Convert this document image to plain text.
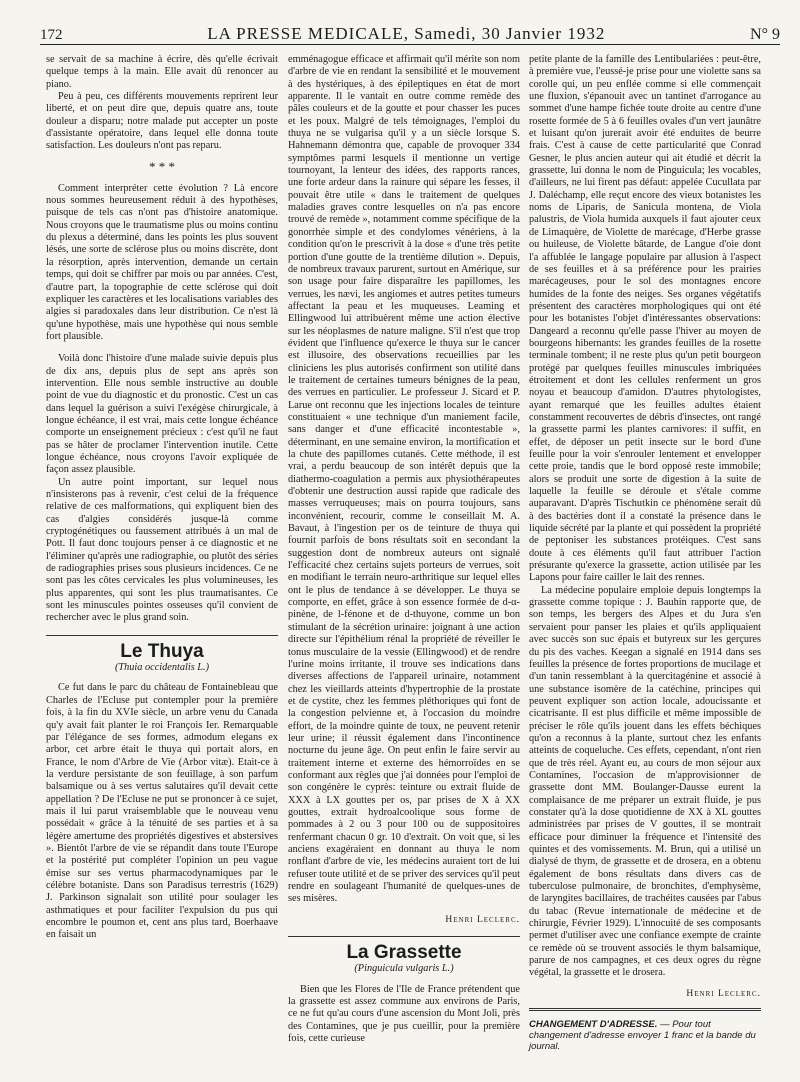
172	LA PRESSE MEDICALE, Samedi, 30 Janvier 1932	N° 9

se servait de sa machine à écrire, dès qu'elle écrivait quelque temps à la main. Elle avait dû renoncer au piano.

Peu à peu, ces différents mouvements reprirent leur liberté, et on peut dire que, depuis quatre ans, toute douleur a disparu; notre malade put accepter un poste d'assistante opératoire, dans lequel elle donna toute satisfaction. Les douleurs n'ont pas reparu.

* * *

Comment interpréter cette évolution ? Là encore nous sommes heureusement réduit à des hypothèses, puisque de tels cas n'ont pas d'histoire anatomique. Nous croyons que le traumatisme plus ou moins continu du plexus a déterminé, dans les points les plus souvent lésés, une sorte de sclérose plus ou moins discrète, dont la résorption, après intervention, demande un certain temps, qui doit se chiffrer par mois ou par années. C'est, d'autre part, la topographie de cette sclérose qui doit expliquer les caractères et les localisations variables des algies si paradoxales dans leur distribution. Ce n'est là qu'une hypothèse, mais une hypothèse qui nous semble fort plausible.

Voilà donc l'histoire d'une malade suivie depuis plus de dix ans, depuis plus de sept ans après son intervention. Elle nous semble instructive au double point de vue du diagnostic et du pronostic. C'est un cas dans lequel la guérison a suivi l'exégèse chirurgicale, à longue échéance, il est vrai, mais cette longue échéance comporte un enseignement précieux : c'est qu'il ne faut pas se hâter de proclamer l'intervention inutile. Cette longue échéance, nous croyons l'avoir expliquée de façon assez plausible.

Un autre point important, sur lequel nous n'insisterons pas à revenir, c'est celui de la fréquence relative de ces malformations, qui expliquent bien des cas d'algies considérés jusque-là comme cryptogénétiques ou faussement attribués à un mal de Pott. Il faut donc toujours penser à ce diagnostic et ne l'éliminer qu'après une radiographie, ou plutôt des séries de radiographies prises sous plusieurs incidences. Ce ne sont pas les côtes cervicales les plus volumineuses, les plus apparentes, qui sont les plus traumatisantes. Ce sont les minuscules pointes osseuses qu'il convient de rechercher avec le plus grand soin.

Le Thuya
(Thuia occidentalis L.)

Ce fut dans le parc du château de Fontainebleau que Charles de l'Ecluse put contempler pour la première fois, à la fin du XVIe siècle, un arbre venu du Canada qu'y avait fait planter le roi François Ier. Remarquable par l'élégance de ses formes, admodum elegans ex arbor, cet arbre était le thuya qui portait alors, en France, le nom d'Arbre de Vie (Arbor vitæ). Etait-ce à la verdure persistante de son feuillage, à son parfum balsamique ou à ses vertus salutaires qu'il devait cette appellation ? De l'Ecluse ne put se prononcer à ce sujet, mais il lui parut vraisemblable que le nouveau venu possédait « grâce à la ténuité de ses parties et à sa légère amertume des propriétés digestives et abstersives ». Bientôt l'arbre de vie se répandit dans toute l'Europe et la postérité put compléter l'opinion un peu vague émise sur ses vertus pharmacodynamiques par le célèbre botaniste. Dans son Paradisus terrestris (1629) J. Parkinson signalait son utilité pour soulager les asthmatiques et pour faciliter l'expulsion du pus qui encombre le poumon et, cent ans plus tard, Boerhaave en faisait un

emménagogue efficace et affirmait qu'il mérite son nom d'arbre de vie en rendant la sensibilité et le mouvement à des hystériques, à des épileptiques en état de mort apparente. Il le vantait en outre comme remède des pâles couleurs et de la goutte et pour chasser les puces et les poux. Malgré de tels témoignages, l'emploi du thuya ne se vulgarisa qu'il y a un siècle lorsque S. Hahnemann démontra que, capable de provoquer 334 symptômes parmi lesquels il mentionne un vertige tournoyant, la lenteur des idées, des rapports rances, une forte ardeur dans la rainure qui sépare les fesses, il pouvait être utile « dans le traitement de quelques maladies graves contre lesquelles on n'a pas encore trouvé de remède », notamment comme spécifique de la gonorrhée simple et des condylomes vénériens, à la condition qu'on le prescrivît à la dose « d'une très petite portion d'une goutte de la trentième dilution ». Depuis, de nombreux travaux parurent, surtout en Amérique, sur son usage pour faire disparaître les papillomes, les verrues, les nævi, les angiomes et autres petites tumeurs affectant la peau et les muqueuses. Leaming et Ellingwood lui attribuèrent même une action élective sur les néoplasmes de nature maligne. S'il n'est que trop évident que l'influence qu'exerce le thuya sur le cancer est illusoire, des observations recueillies par les cliniciens les plus autorisés confirment son utilité dans le traitement de certaines tumeurs bénignes de la peau, des verrues en particulier. Le professeur J. Sicard et P. Larue ont reconnu que les injections locales de teinture constituaient « une technique d'un maniement facile, sans danger et d'une efficacité incontestable », déterminant, en une semaine environ, la mortification et la chute des papillomes cutanés. Cette méthode, il est vrai, a perdu beaucoup de son intérêt depuis que la diathermo-coagulation a permis aux physiothérapeutes d'obtenir une destruction aussi rapide que radicale des masses verruqueuses; mais on pourra toujours, sans inconvénient, recourir, comme le conseillait M. A. Bavaut, à l'ingestion per os de teinture de thuya qui fournit parfois de bons résultats soit en secondant la suggestion dont de nombreux auteurs ont signalé l'efficacité chez certains sujets porteurs de verrues, soit en modifiant le terrain neuro-arthritique sur lequel elles ont le plus de tendance à se développer. Le thuya se comporte, en effet, grâce à son essence formée de d-α-pinène, de l-fénone et de d-thuyone, comme un bon stimulant de la sécrétion urinaire: joignant à une action directe sur l'épithélium rénal la propriété de réveiller le tonus musculaire de la vessie (Ellingwood) et de rendre l'urine moins irritante, il trouve ses indications dans diverses affections de l'appareil urinaire, notamment chez les vieillards atteints d'hypertrophie de la prostate et de cystite, chez les femmes pléthoriques qui font de la congestion pelvienne et, à l'occasion du moindre effort, de la moindre quinte de toux, ne peuvent retenir leur urine; il réussit également dans l'incontinence nocturne du jeune âge. On peut enfin le faire servir au traitement interne et externe des hémorroïdes en se conformant aux règles que j'ai données pour l'emploi de son congénère le cyprès: teinture ou extrait fluide de XXX à LX gouttes per os, par prises de X à XX gouttes, extrait hydroalcoolique sous forme de pommades à 2 ou 3 pour 100 ou de suppositoires renfermant chacun 0 gr. 10 d'extrait. On voit que, si les anciens exagéraient en donnant au thuya le nom ronflant d'arbre de vie, les médecins auraient tort de lui refuser toute utilité et de se priver des services qu'il peut rendre en soulageant l'humanité de quelques-unes de ses misères.

Henri Leclerc.
La Grassette
(Pinguicula vulgaris L.)

Bien que les Flores de l'Ile de France prétendent que la grassette est assez commune aux environs de Paris, ce ne fut qu'au cours d'une ascension du Mont Joli, près des Contamines, que je pus cueillir, pour la première fois, cette curieuse

petite plante de la famille des Lentibulariées : peut-être, à première vue, l'eussé-je prise pour une violette sans sa corolle qui, un peu enflée comme si elle commençait une fluxion, s'épanouit avec un tantinet d'arrogance au sommet d'une hampe fichée toute droite au centre d'une rosette formée de 5 à 6 feuilles ovales d'un vert jaunâtre et luisant qu'on jurerait avoir été enduites de beurre frais. C'est à cause de cette particularité que Conrad Gesner, le plus ancien auteur qui ait étudié et décrit la grassette, lui donna le nom de Pinguicula; les vocables, d'ailleurs, ne lui firent pas défaut: appelée Cucullata par J. Daléchamp, elle reçut encore des vieux botanistes les noms de Liparis, de Sanicula montena, de Viola palustris, de Viola humida auxquels il faut ajouter ceux de Limaquère, de Violette de marécage, d'Herbe grasse ou huileuse, de Violette bâtarde, de Langue d'oie dont l'a affublée le langage populaire par allusion à l'aspect de ses feuilles et à sa préférence pour les prairies marécageuses, pour le sol des montagnes encore humides de la fonte des neiges. Ses organes végétatifs présentent des caractères morphologiques qui ont été pour les botanistes l'objet d'intéressantes observations: Dangeard a reconnu qu'elle passe l'hiver au moyen de bourgeons hibernants: les grandes feuilles de la rosette terminale tombent; il ne reste plus qu'un petit bourgeon protégé par quelques feuilles minuscules imbriquées étroitement et dont les cellules renferment un gros noyau et beaucoup d'amidon. D'autres phytologistes, ayant remarqué que les feuilles adultes étaient constamment recouvertes de débris d'insectes, ont rangé la grassette parmi les plantes carnivores: il suffit, en effet, de déposer un petit insecte sur le bord d'une feuille pour la voir s'enrouler lentement et envelopper cette proie, tandis que le bord opposé reste immobile; alors se produit une sorte de digestion à la suite de laquelle la feuille se déroule et s'étale comme auparavant. D'après Tischutkin ce phénomène serait dû à des bactéries dont il a constaté la présence dans le liquide sécrété par la plante et qui possèdent la propriété de peptoniser les substances protéiques. C'est sans doute à ces éléments qu'il faut attribuer l'action présurante qu'exerce la grassette, action utilisée par les Lapons pour faire cailler le lait des rennes.

La médecine populaire emploie depuis longtemps la grassette comme topique : J. Bauhin rapporte que, de son temps, les bergers des Alpes et du Jura s'en servaient pour panser les plaies et qu'ils appliquaient avec succès son suc épais et butyreux sur les gerçures du pis des vaches. Keegan a signalé en 1914 dans ses feuilles la présence de fortes proportions de mucilage et d'un tanin ressemblant à la quercitagénine et associé à une substance isomère de la catéchine, principes qui peuvent expliquer son action locale, adoucissante et cicatrisante. Il est plus difficile et même impossible de préciser le rôle qu'ils jouent dans les effets béchiques qu'on a reconnus à la plante, surtout chez les enfants atteints de coqueluche. Ces effets, cependant, n'ont rien que de très réel. Ayant eu, au cours de mon séjour aux Contamines, l'occasion de m'approvisionner de grassette dont MM. Boulanger-Dausse eurent la complaisance de me préparer un extrait fluide, je pus constater qu'à la dose quotidienne de XX à XL gouttes administrées par prises de V gouttes, il se montrait efficace pour diminuer la fréquence et l'intensité des quintes et des vomissements. M. Brun, qui a utilisé un dialysé de thym, de grassette et de drosera, en a obtenu également de bons résultats dans divers cas de tuberculose pulmonaire, de bronchites, d'emphysème, de laryngites bacillaires, de trachéites causées par l'abus du tabac (Revue internationale de médecine et de chirurgie, Février 1929). L'innocuité de ses composants permet d'utiliser avec une confiance exempte de crainte ce remède où se trouvent associés le thym balsamique, parure de nos campagnes, et ces deux ogres du règne végétal, la grassette et le drosera.

Henri Leclerc.
CHANGEMENT D'ADRESSE. — Pour tout changement d'adresse envoyer 1 franc et la bande du journal.
